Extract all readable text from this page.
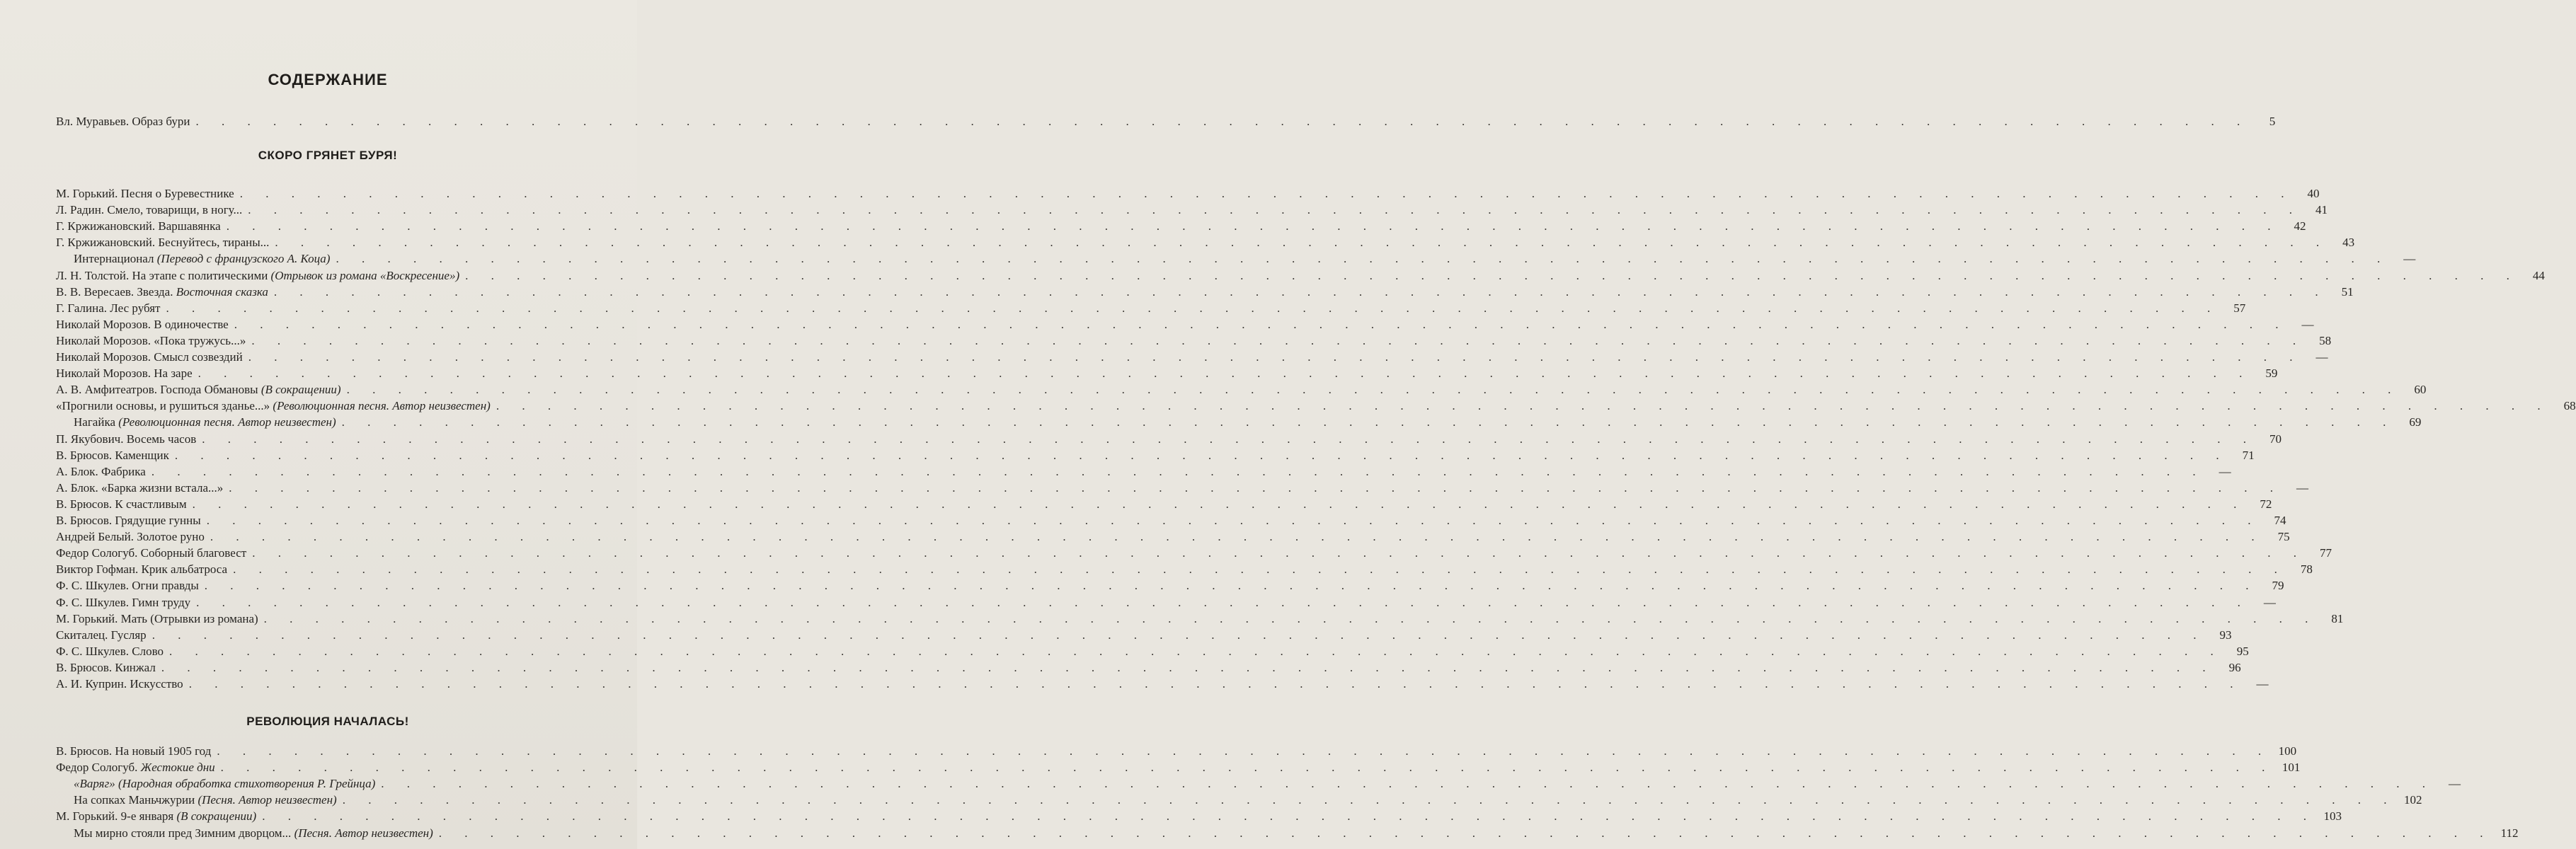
СОДЕРЖАНИЕ
Вл. Муравьев. Образ бури . . . . . . . . . . . . . . . . . . . . . . . . . . . . . . . . . . . . . . . . . . . . . . . . . . . . . . . . . . . . . . . . . . . . . . . . . . . . . . . .	5
СКОРО ГРЯНЕТ БУРЯ!
М. Горький. Песня о Буревестнике . . . . . . . . . . . . . . . . . . . . . . . . . . . . . . . . . . . . . . . . . . . . . . . . . . . . . . . . . . . . . . . . . . . . . . . . . . . . . . . .	40
Л. Радин. Смело, товарищи, в ногу... . . . . . . . . . . . . . . . . . . . . . . . . . . . . . . . . . . . . . . . . . . . . . . . . . . . . . . . . . . . . . . . . . . . . . . . . . . . . . . . .	41
Г. Кржижановский. Варшавянка . . . . . . . . . . . . . . . . . . . . . . . . . . . . . . . . . . . . . . . . . . . . . . . . . . . . . . . . . . . . . . . . . . . . . . . . . . . . . . . .	42
Г. Кржижановский. Беснуйтесь, тираны... . . . . . . . . . . . . . . . . . . . . . . . . . . . . . . . . . . . . . . . . . . . . . . . . . . . . . . . . . . . . . . . . . . . . . . . . . . . . . . . .	43
Интернационал (Перевод с французского А. Коца) . . . . . . . . . . . . . . . . . . . . . . . . . . . . . . . . . . . . . . . . . . . . . . . . . . . . . . . . . . . . . . . . . . . . . . . . . . . . . . . .	—
Л. Н. Толстой. На этапе с политическими (Отрывок из романа «Воскресение») . . . . . . . . . . . . . . . . . . . . . . . . . . . . . . . . . . . . . . . . . . . . . . . . . . . . . . . . . . . . . . . . . . . . . . . . . . . . . . . .	44
В. В. Вересаев. Звезда. Восточная сказка . . . . . . . . . . . . . . . . . . . . . . . . . . . . . . . . . . . . . . . . . . . . . . . . . . . . . . . . . . . . . . . . . . . . . . . . . . . . . . . .	51
Г. Галина. Лес рубят . . . . . . . . . . . . . . . . . . . . . . . . . . . . . . . . . . . . . . . . . . . . . . . . . . . . . . . . . . . . . . . . . . . . . . . . . . . . . . . .	57
Николай Морозов. В одиночестве . . . . . . . . . . . . . . . . . . . . . . . . . . . . . . . . . . . . . . . . . . . . . . . . . . . . . . . . . . . . . . . . . . . . . . . . . . . . . . . .	—
Николай Морозов. «Пока тружусь...» . . . . . . . . . . . . . . . . . . . . . . . . . . . . . . . . . . . . . . . . . . . . . . . . . . . . . . . . . . . . . . . . . . . . . . . . . . . . . . . .	58
Николай Морозов. Смысл созвездий . . . . . . . . . . . . . . . . . . . . . . . . . . . . . . . . . . . . . . . . . . . . . . . . . . . . . . . . . . . . . . . . . . . . . . . . . . . . . . . .	—
Николай Морозов. На заре . . . . . . . . . . . . . . . . . . . . . . . . . . . . . . . . . . . . . . . . . . . . . . . . . . . . . . . . . . . . . . . . . . . . . . . . . . . . . . . .	59
А. В. Амфитеатров. Господа Обмановы (В сокращении) . . . . . . . . . . . . . . . . . . . . . . . . . . . . . . . . . . . . . . . . . . . . . . . . . . . . . . . . . . . . . . . . . . . . . . . . . . . . . . . .	60
«Прогнили основы, и рушиться зданье...» (Революционная песня. Автор неизвестен) . . . . . . . . . . . . . . . . . . . . . . . . . . . . . . . . . . . . . . . . . . . . . . . . . . . . . . . . . . . . . . . . . . . . . . . . . . . . . . . .	68
Нагайка (Революционная песня. Автор неизвестен) . . . . . . . . . . . . . . . . . . . . . . . . . . . . . . . . . . . . . . . . . . . . . . . . . . . . . . . . . . . . . . . . . . . . . . . . . . . . . . . .	69
П. Якубович. Восемь часов . . . . . . . . . . . . . . . . . . . . . . . . . . . . . . . . . . . . . . . . . . . . . . . . . . . . . . . . . . . . . . . . . . . . . . . . . . . . . . . .	70
В. Брюсов. Каменщик . . . . . . . . . . . . . . . . . . . . . . . . . . . . . . . . . . . . . . . . . . . . . . . . . . . . . . . . . . . . . . . . . . . . . . . . . . . . . . . .	71
А. Блок. Фабрика . . . . . . . . . . . . . . . . . . . . . . . . . . . . . . . . . . . . . . . . . . . . . . . . . . . . . . . . . . . . . . . . . . . . . . . . . . . . . . . .	—
А. Блок. «Барка жизни встала...» . . . . . . . . . . . . . . . . . . . . . . . . . . . . . . . . . . . . . . . . . . . . . . . . . . . . . . . . . . . . . . . . . . . . . . . . . . . . . . . .	—
В. Брюсов. К счастливым . . . . . . . . . . . . . . . . . . . . . . . . . . . . . . . . . . . . . . . . . . . . . . . . . . . . . . . . . . . . . . . . . . . . . . . . . . . . . . . .	72
В. Брюсов. Грядущие гунны . . . . . . . . . . . . . . . . . . . . . . . . . . . . . . . . . . . . . . . . . . . . . . . . . . . . . . . . . . . . . . . . . . . . . . . . . . . . . . . .	74
Андрей Белый. Золотое руно . . . . . . . . . . . . . . . . . . . . . . . . . . . . . . . . . . . . . . . . . . . . . . . . . . . . . . . . . . . . . . . . . . . . . . . . . . . . . . . .	75
Федор Сологуб. Соборный благовест . . . . . . . . . . . . . . . . . . . . . . . . . . . . . . . . . . . . . . . . . . . . . . . . . . . . . . . . . . . . . . . . . . . . . . . . . . . . . . . .	77
Виктор Гофман. Крик альбатроса . . . . . . . . . . . . . . . . . . . . . . . . . . . . . . . . . . . . . . . . . . . . . . . . . . . . . . . . . . . . . . . . . . . . . . . . . . . . . . . .	78
Ф. С. Шкулев. Огни правды . . . . . . . . . . . . . . . . . . . . . . . . . . . . . . . . . . . . . . . . . . . . . . . . . . . . . . . . . . . . . . . . . . . . . . . . . . . . . . . .	79
Ф. С. Шкулев. Гимн труду . . . . . . . . . . . . . . . . . . . . . . . . . . . . . . . . . . . . . . . . . . . . . . . . . . . . . . . . . . . . . . . . . . . . . . . . . . . . . . . .	—
М. Горький. Мать (Отрывки из романа) . . . . . . . . . . . . . . . . . . . . . . . . . . . . . . . . . . . . . . . . . . . . . . . . . . . . . . . . . . . . . . . . . . . . . . . . . . . . . . . .	81
Скиталец. Гусляр . . . . . . . . . . . . . . . . . . . . . . . . . . . . . . . . . . . . . . . . . . . . . . . . . . . . . . . . . . . . . . . . . . . . . . . . . . . . . . . .	93
Ф. С. Шкулев. Слово . . . . . . . . . . . . . . . . . . . . . . . . . . . . . . . . . . . . . . . . . . . . . . . . . . . . . . . . . . . . . . . . . . . . . . . . . . . . . . . .	95
В. Брюсов. Кинжал . . . . . . . . . . . . . . . . . . . . . . . . . . . . . . . . . . . . . . . . . . . . . . . . . . . . . . . . . . . . . . . . . . . . . . . . . . . . . . . .	96
А. И. Куприн. Искусство . . . . . . . . . . . . . . . . . . . . . . . . . . . . . . . . . . . . . . . . . . . . . . . . . . . . . . . . . . . . . . . . . . . . . . . . . . . . . . . .	—
РЕВОЛЮЦИЯ НАЧАЛАСЬ!
В. Брюсов. На новый 1905 год . . . . . . . . . . . . . . . . . . . . . . . . . . . . . . . . . . . . . . . . . . . . . . . . . . . . . . . . . . . . . . . . . . . . . . . . . . . . . . . . 100
Федор Сологуб. Жестокие дни . . . . . . . . . . . . . . . . . . . . . . . . . . . . . . . . . . . . . . . . . . . . . . . . . . . . . . . . . . . . . . . . . . . . . . . . . . . . . . . . 101
«Варяг» (Народная обработка стихотворения Р. Грейнца) . . . . . . . . . . . . . . . . . . . . . . . . . . . . . . . . . . . . . . . . . . . . . . . . . . . . . . . . . . . . . . . . . . . . . . . . . . . . . . . .	—
На сопках Маньчжурии (Песня. Автор неизвестен) . . . . . . . . . . . . . . . . . . . . . . . . . . . . . . . . . . . . . . . . . . . . . . . . . . . . . . . . . . . . . . . . . . . . . . . . . . . . . . . . 102
М. Горький. 9-е января (В сокращении) . . . . . . . . . . . . . . . . . . . . . . . . . . . . . . . . . . . . . . . . . . . . . . . . . . . . . . . . . . . . . . . . . . . . . . . . . . . . . . . . 103
Мы мирно стояли пред Зимним дворцом... (Песня. Автор неизвестен) . . . . . . . . . . . . . . . . . . . . . . . . . . . . . . . . . . . . . . . . . . . . . . . . . . . . . . . . . . . . . . . . . . . . . . . . . . . . . . . . 112
